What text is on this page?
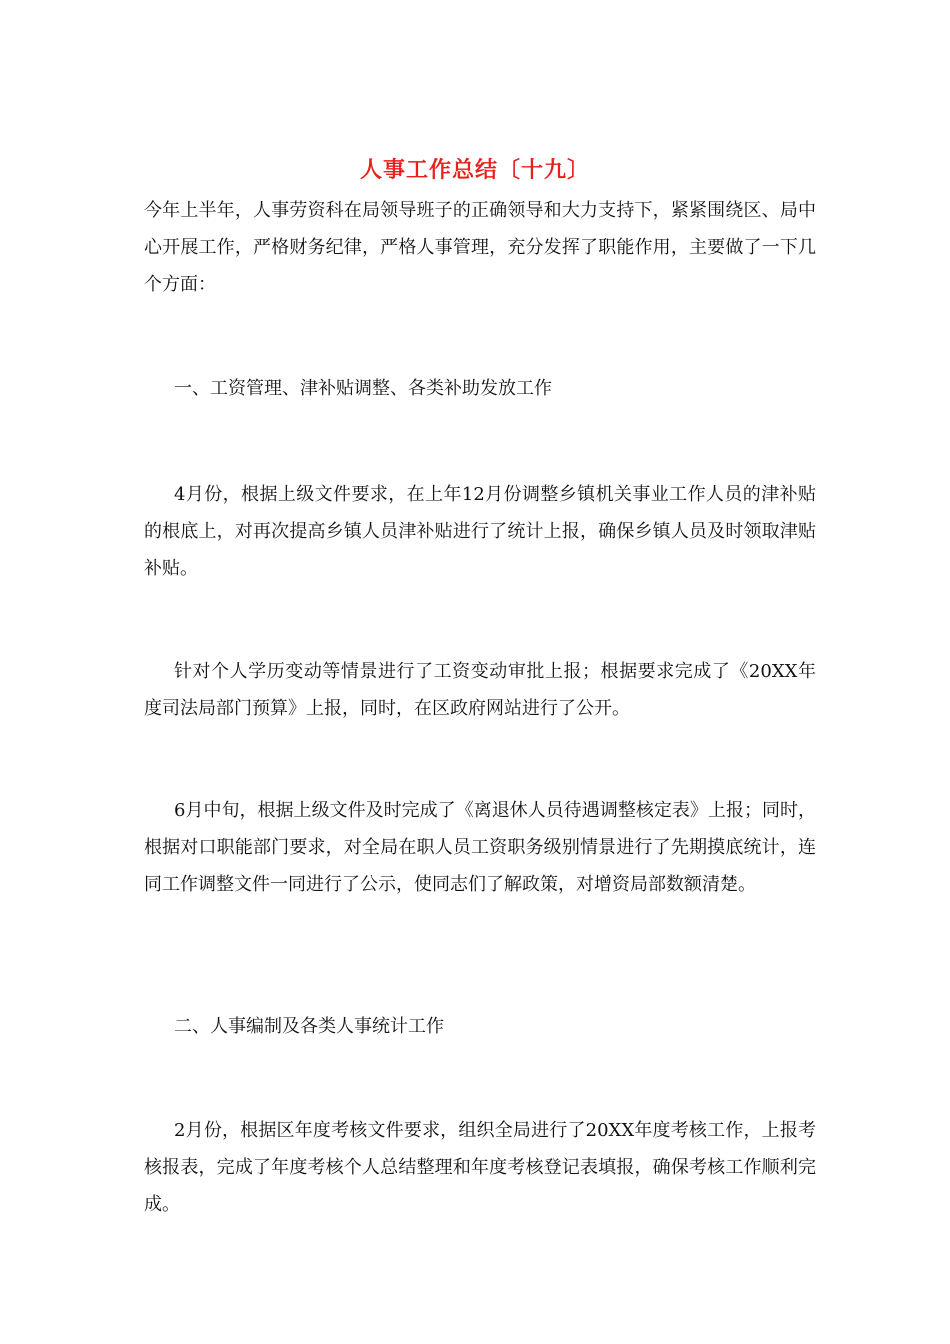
人事工作总结〔十九〕

今年上半年，人事劳资科在局领导班子的正确领导和大力支持下，紧紧围绕区、局中心开展工作，严格财务纪律，严格人事管理，充分发挥了职能作用，主要做了一下几个方面：

一、工资管理、津补贴调整、各类补助发放工作

4月份，根据上级文件要求，在上年12月份调整乡镇机关事业工作人员的津补贴的根底上，对再次提高乡镇人员津补贴进行了统计上报，确保乡镇人员及时领取津贴补贴。

针对个人学历变动等情景进行了工资变动审批上报；根据要求完成了《20XX年度司法局部门预算》上报，同时，在区政府网站进行了公开。

6月中旬，根据上级文件及时完成了《离退休人员待遇调整核定表》上报；同时，根据对口职能部门要求，对全局在职人员工资职务级别情景进行了先期摸底统计，连同工作调整文件一同进行了公示，使同志们了解政策，对增资局部数额清楚。

二、人事编制及各类人事统计工作

2月份，根据区年度考核文件要求，组织全局进行了20XX年度考核工作，上报考核报表，完成了年度考核个人总结整理和年度考核登记表填报，确保考核工作顺利完成。
